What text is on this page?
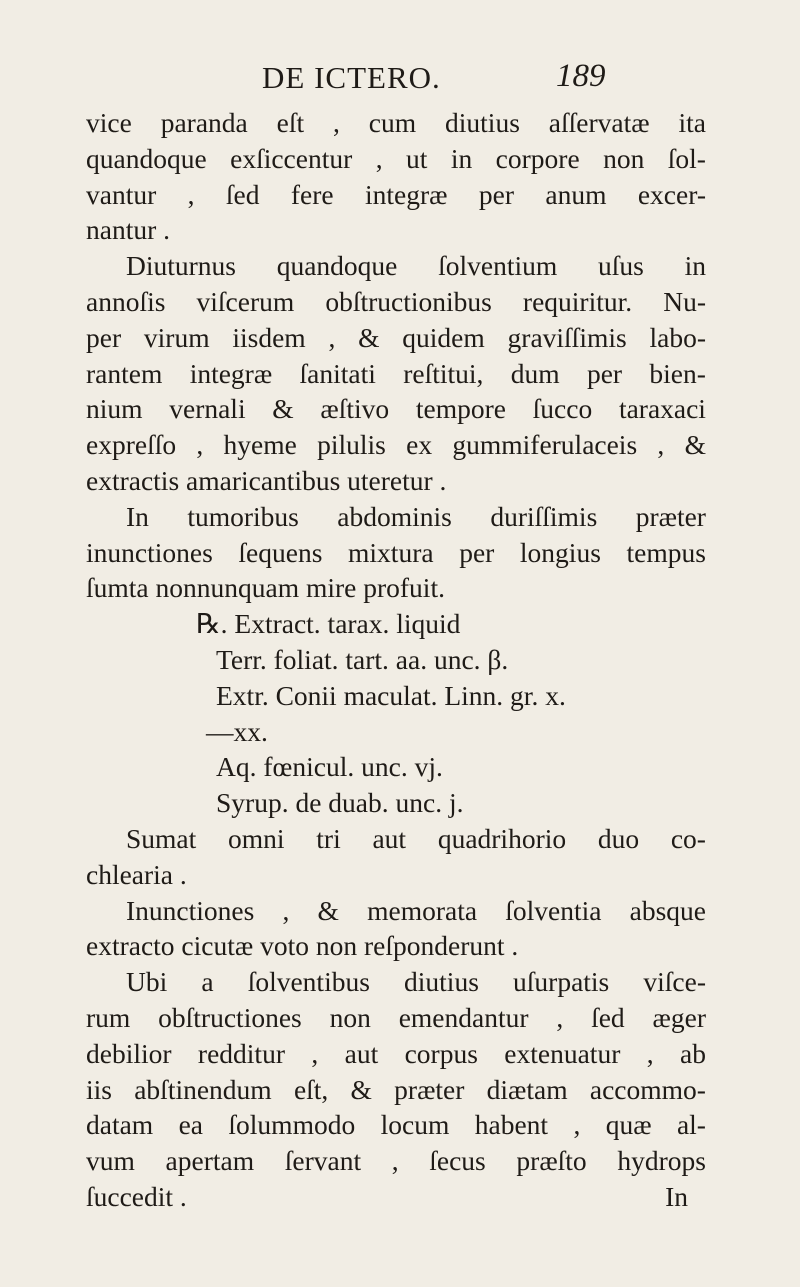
DE ICTERO.	189
vice paranda eſt , cum diutius aſſervatæ ita
quandoque exſiccentur , ut in corpore non ſol-
vantur , ſed fere integræ per anum excer-
nantur .
Diuturnus quandoque ſolventium uſus in
annoſis viſcerum obſtructionibus requiritur. Nu-
per virum iisdem , & quidem graviſſimis labo-
rantem integræ ſanitati reſtitui, dum per bien-
nium vernali & æſtivo tempore ſucco taraxaci
expreſſo , hyeme pilulis ex gummiferulaceis , &
extractis amaricantibus uteretur .
In tumoribus abdominis duriſſimis præter
inunctiones ſequens mixtura per longius tempus
ſumta nonnunquam mire profuit.
℞. Extract. tarax. liquid
Terr. foliat. tart. aa. unc. β.
Extr. Conii maculat. Linn. gr. x.
—xx.
Aq. fœnicul. unc. vj.
Syrup. de duab. unc. j.
Sumat omni tri aut quadrihorio duo co-
chlearia .
Inunctiones , & memorata ſolventia absque
extracto cicutæ voto non reſponderunt .
Ubi a ſolventibus diutius uſurpatis viſce-
rum obſtructiones non emendantur , ſed æger
debilior redditur , aut corpus extenuatur , ab
iis abſtinendum eſt, & præter diætam accommo-
datam ea ſolummodo locum habent , quæ al-
vum apertam ſervant , ſecus præſto hydrops
ſuccedit .	In
